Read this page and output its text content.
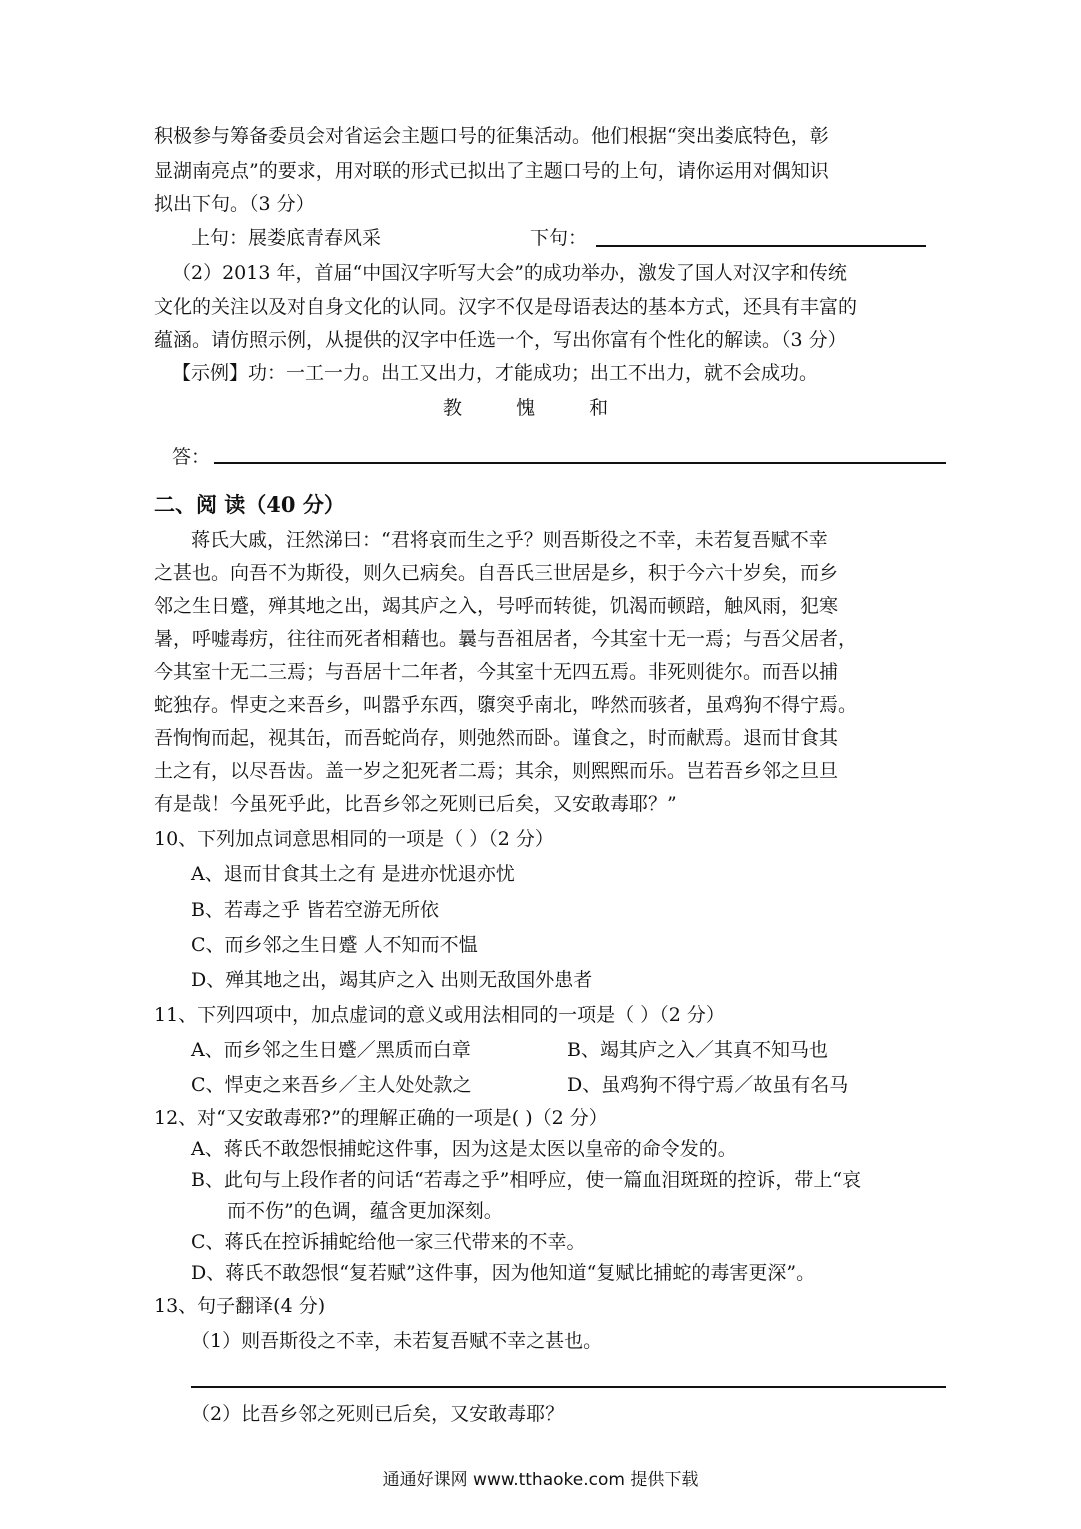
积极参与筹备委员会对省运会主题口号的征集活动。他们根据“突出娄底特色，彰
显湖南亮点”的要求，用对联的形式已拟出了主题口号的上句，请你运用对偶知识
拟出下句。（3 分）
上句：展娄底青春风采	下句：
（2）2013 年，首届“中国汉字听写大会”的成功举办，激发了国人对汉字和传统
文化的关注以及对自身文化的认同。汉字不仅是母语表达的基本方式，还具有丰富的
蕴涵。请仿照示例，从提供的汉字中任选一个，写出你富有个性化的解读。（3 分）
【示例】功：一工一力。出工又出力，才能成功；出工不出力，就不会成功。
教	愧	和
答：
二、阅 读（40 分）
蒋氏大戚，汪然涕曰：“君将哀而生之乎？则吾斯役之不幸，未若复吾赋不幸
之甚也。向吾不为斯役，则久已病矣。自吾氏三世居是乡，积于今六十岁矣，而乡
邻之生日蹙，殚其地之出，竭其庐之入，号呼而转徙，饥渴而顿踣，触风雨，犯寒
暑，呼嘘毒疠，往往而死者相藉也。曩与吾祖居者，今其室十无一焉；与吾父居者，
今其室十无二三焉；与吾居十二年者，今其室十无四五焉。非死则徙尔。而吾以捕
蛇独存。悍吏之来吾乡，叫嚣乎东西，隳突乎南北，哗然而骇者，虽鸡狗不得宁焉。
吾恂恂而起，视其缶，而吾蛇尚存，则弛然而卧。谨食之，时而献焉。退而甘食其
土之有，以尽吾齿。盖一岁之犯死者二焉；其余，则熙熙而乐。岂若吾乡邻之旦旦
有是哉！今虽死乎此，比吾乡邻之死则已后矣，又安敢毒耶？”
10、下列加点词意思相同的一项是（ ）（2 分）
A、退而甘食其土之有 是进亦忧退亦忧
B、若毒之乎 皆若空游无所依
C、而乡邻之生日蹙 人不知而不愠
D、殚其地之出，竭其庐之入 出则无敌国外患者
11、下列四项中，加点虚词的意义或用法相同的一项是（ ）（2 分）
A、而乡邻之生日蹙／黑质而白章	B、竭其庐之入／其真不知马也
C、悍吏之来吾乡／主人处处款之	D、虽鸡狗不得宁焉／故虽有名马
12、对“又安敢毒邪?”的理解正确的一项是( )（2 分）
A、蒋氏不敢怨恨捕蛇这件事，因为这是太医以皇帝的命令发的。
B、此句与上段作者的问话“若毒之乎”相呼应，使一篇血泪斑斑的控诉，带上“哀
而不伤”的色调，蕴含更加深刻。
C、蒋氏在控诉捕蛇给他一家三代带来的不幸。
D、蒋氏不敢怨恨“复若赋”这件事，因为他知道“复赋比捕蛇的毒害更深”。
13、句子翻译(4 分)
（1）则吾斯役之不幸，未若复吾赋不幸之甚也。
（2）比吾乡邻之死则已后矣，又安敢毒耶？
通通好课网 www.tthaoke.com 提供下载
